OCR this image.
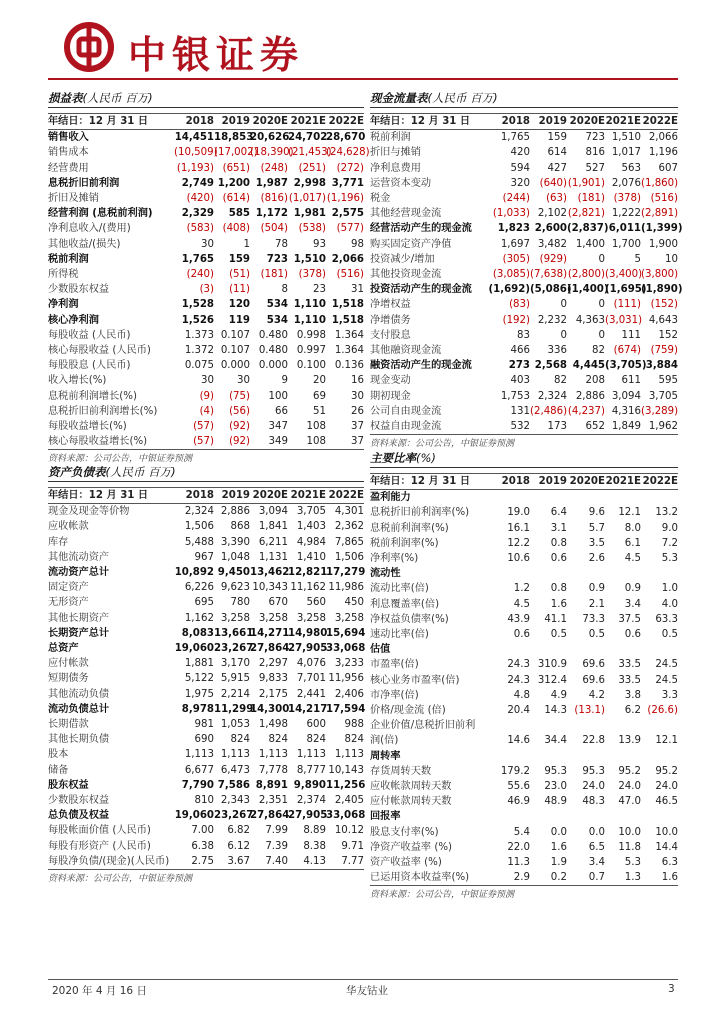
中银证券
损益表(人民币 百万)
年结日：12 月 31 日	2018	2019	2020E	2021E	2022E
销售收入	14,451	18,853	20,626	24,702	28,670
销售成本	(10,509)	(17,002)	(18,390)	(21,453)	(24,628)
经营费用	(1,193)	(651)	(248)	(251)	(272)
息税折旧前利润	2,749	1,200	1,987	2,998	3,771
折旧及摊销	(420)	(614)	(816)	(1,017)	(1,196)
经营利润 (息税前利润)	2,329	585	1,172	1,981	2,575
净利息收入/(费用)	(583)	(408)	(504)	(538)	(577)
其他收益/(损失)	30	1	78	93	98
税前利润	1,765	159	723	1,510	2,066
所得税	(240)	(51)	(181)	(378)	(516)
少数股东权益	(3)	(11)	8	23	31
净利润	1,528	120	534	1,110	1,518
核心净利润	1,526	119	534	1,110	1,518
每股收益 (人民币)	1.373	0.107	0.480	0.998	1.364
核心每股收益 (人民币)	1.372	0.107	0.480	0.997	1.364
每股股息 (人民币)	0.075	0.000	0.000	0.100	0.136
收入增长(%)	30	30	9	20	16
息税前利润增长(%)	(9)	(75)	100	69	30
息税折旧前利润增长(%)	(4)	(56)	66	51	26
每股收益增长(%)	(57)	(92)	347	108	37
核心每股收益增长(%)	(57)	(92)	349	108	37
资料来源：公司公告，中银证券预测
现金流量表(人民币 百万)
年结日：12 月 31 日	2018	2019	2020E	2021E	2022E
税前利润	1,765	159	723	1,510	2,066
折旧与摊销	420	614	816	1,017	1,196
净利息费用	594	427	527	563	607
运营资本变动	320	(640)	(1,901)	2,076	(1,860)
税金	(244)	(63)	(181)	(378)	(516)
其他经营现金流	(1,033)	2,102	(2,821)	1,222	(2,891)
经营活动产生的现金流	1,823	2,600	(2,837)	6,011	(1,399)
购买固定资产净值	1,697	3,482	1,400	1,700	1,900
投资减少/增加	(305)	(929)	0	5	10
其他投资现金流	(3,085)	(7,638)	(2,800)	(3,400)	(3,800)
投资活动产生的现金流	(1,692)	(5,086)	(1,400)	(1,695)	(1,890)
净增权益	(83)	0	0	(111)	(152)
净增债务	(192)	2,232	4,363	(3,031)	4,643
支付股息	83	0	0	111	152
其他融资现金流	466	336	82	(674)	(759)
融资活动产生的现金流	273	2,568	4,445	(3,705)	3,884
现金变动	403	82	208	611	595
期初现金	1,753	2,324	2,886	3,094	3,705
公司自由现金流	131	(2,486)	(4,237)	4,316	(3,289)
权益自由现金流	532	173	652	1,849	1,962
资料来源：公司公告，中银证券预测
资产负债表(人民币 百万)
年结日：12 月 31 日	2018	2019	2020E	2021E	2022E
现金及现金等价物	2,324	2,886	3,094	3,705	4,301
应收帐款	1,506	868	1,841	1,403	2,362
库存	5,488	3,390	6,211	4,984	7,865
其他流动资产	967	1,048	1,131	1,410	1,506
流动资产总计	10,892	9,450	13,462	12,821	17,279
固定资产	6,226	9,623	10,343	11,162	11,986
无形资产	695	780	670	560	450
其他长期资产	1,162	3,258	3,258	3,258	3,258
长期资产总计	8,083	13,661	14,271	14,980	15,694
总资产	19,060	23,267	27,864	27,905	33,068
应付帐款	1,881	3,170	2,297	4,076	3,233
短期债务	5,122	5,915	9,833	7,701	11,956
其他流动负债	1,975	2,214	2,175	2,441	2,406
流动负债总计	8,978	11,299	14,300	14,217	17,594
长期借款	981	1,053	1,498	600	988
其他长期负债	690	824	824	824	824
股本	1,113	1,113	1,113	1,113	1,113
储备	6,677	6,473	7,778	8,777	10,143
股东权益	7,790	7,586	8,891	9,890	11,256
少数股东权益	810	2,343	2,351	2,374	2,405
总负债及权益	19,060	23,267	27,864	27,905	33,068
每股帐面价值 (人民币)	7.00	6.82	7.99	8.89	10.12
每股有形资产 (人民币)	6.38	6.12	7.39	8.38	9.71
每股净负债/(现金)(人民币)	2.75	3.67	7.40	4.13	7.77
资料来源：公司公告，中银证券预测
主要比率(%)
年结日：12 月 31 日	2018	2019	2020E	2021E	2022E
盈利能力					
息税折旧前利润率(%)	19.0	6.4	9.6	12.1	13.2
息税前利润率(%)	16.1	3.1	5.7	8.0	9.0
税前利润率(%)	12.2	0.8	3.5	6.1	7.2
净利率(%)	10.6	0.6	2.6	4.5	5.3
流动性					
流动比率(倍)	1.2	0.8	0.9	0.9	1.0
利息覆盖率(倍)	4.5	1.6	2.1	3.4	4.0
净权益负债率(%)	43.9	41.1	73.3	37.5	63.3
速动比率(倍)	0.6	0.5	0.5	0.6	0.5
估值					
市盈率(倍)	24.3	310.9	69.6	33.5	24.5
核心业务市盈率(倍)	24.3	312.4	69.6	33.5	24.5
市净率(倍)	4.8	4.9	4.2	3.8	3.3
价格/现金流 (倍)	20.4	14.3	(13.1)	6.2	(26.6)
企业价值/息税折旧前利					
润(倍)	14.6	34.4	22.8	13.9	12.1
周转率					
存货周转天数	179.2	95.3	95.3	95.2	95.2
应收帐款周转天数	55.6	23.0	24.0	24.0	24.0
应付帐款周转天数	46.9	48.9	48.3	47.0	46.5
回报率					
股息支付率(%)	5.4	0.0	0.0	10.0	10.0
净资产收益率 (%)	22.0	1.6	6.5	11.8	14.4
资产收益率 (%)	11.3	1.9	3.4	5.3	6.3
已运用资本收益率(%)	2.9	0.2	0.7	1.3	1.6
资料来源：公司公告，中银证券预测
2020 年 4 月 16 日	华友钴业	3
